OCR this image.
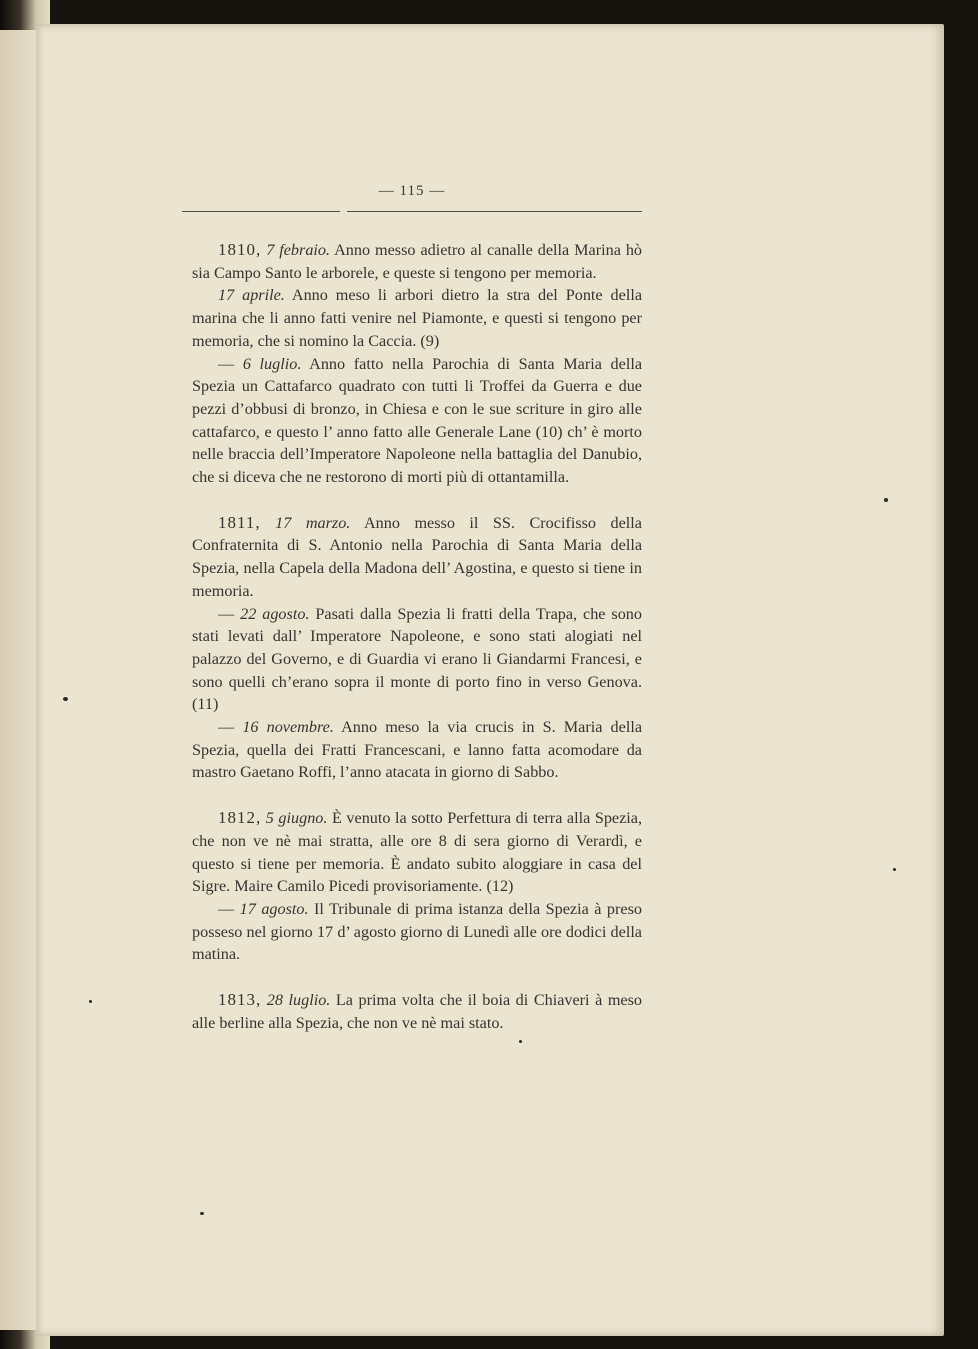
— 115 —

1810, 7 febraio. Anno messo adietro al canalle della Marina hò sia Campo Santo le arborele, e queste si tengono per memoria.

17 aprile. Anno meso li arbori dietro la stra del Ponte della marina che li anno fatti venire nel Piamonte, e questi si tengono per memoria, che si nomino la Caccia. (9)

— 6 luglio. Anno fatto nella Parochia di Santa Maria della Spezia un Cattafarco quadrato con tutti li Troffei da Guerra e due pezzi d’obbusi di bronzo, in Chiesa e con le sue scriture in giro alle cattafarco, e questo l’ anno fatto alle Generale Lane (10) ch’ è morto nelle braccia dell’Imperatore Napoleone nella battaglia del Danubio, che si diceva che ne restorono di morti più di ottantamilla.

1811, 17 marzo. Anno messo il SS. Crocifisso della Confraternita di S. Antonio nella Parochia di Santa Maria della Spezia, nella Capela della Madona dell’ Agostina, e questo si tiene in memoria.

— 22 agosto. Pasati dalla Spezia li fratti della Trapa, che sono stati levati dall’ Imperatore Napoleone, e sono stati alogiati nel palazzo del Governo, e di Guardia vi erano li Giandarmi Francesi, e sono quelli ch’erano sopra il monte di porto fino in verso Genova. (11)

— 16 novembre. Anno meso la via crucis in S. Maria della Spezia, quella dei Fratti Francescani, e lanno fatta acomodare da mastro Gaetano Roffi, l’anno atacata in giorno di Sabbo.

1812, 5 giugno. È venuto la sotto Perfettura di terra alla Spezia, che non ve nè mai stratta, alle ore 8 di sera giorno di Verardì, e questo si tiene per memoria. È andato subito aloggiare in casa del Sigre. Maire Camilo Picedi provisoriamente. (12)

— 17 agosto. Il Tribunale di prima istanza della Spezia à preso posseso nel giorno 17 d’ agosto giorno di Lunedì alle ore dodici della matina.

1813, 28 luglio. La prima volta che il boia di Chiaveri à meso alle berline alla Spezia, che non ve nè mai stato.
